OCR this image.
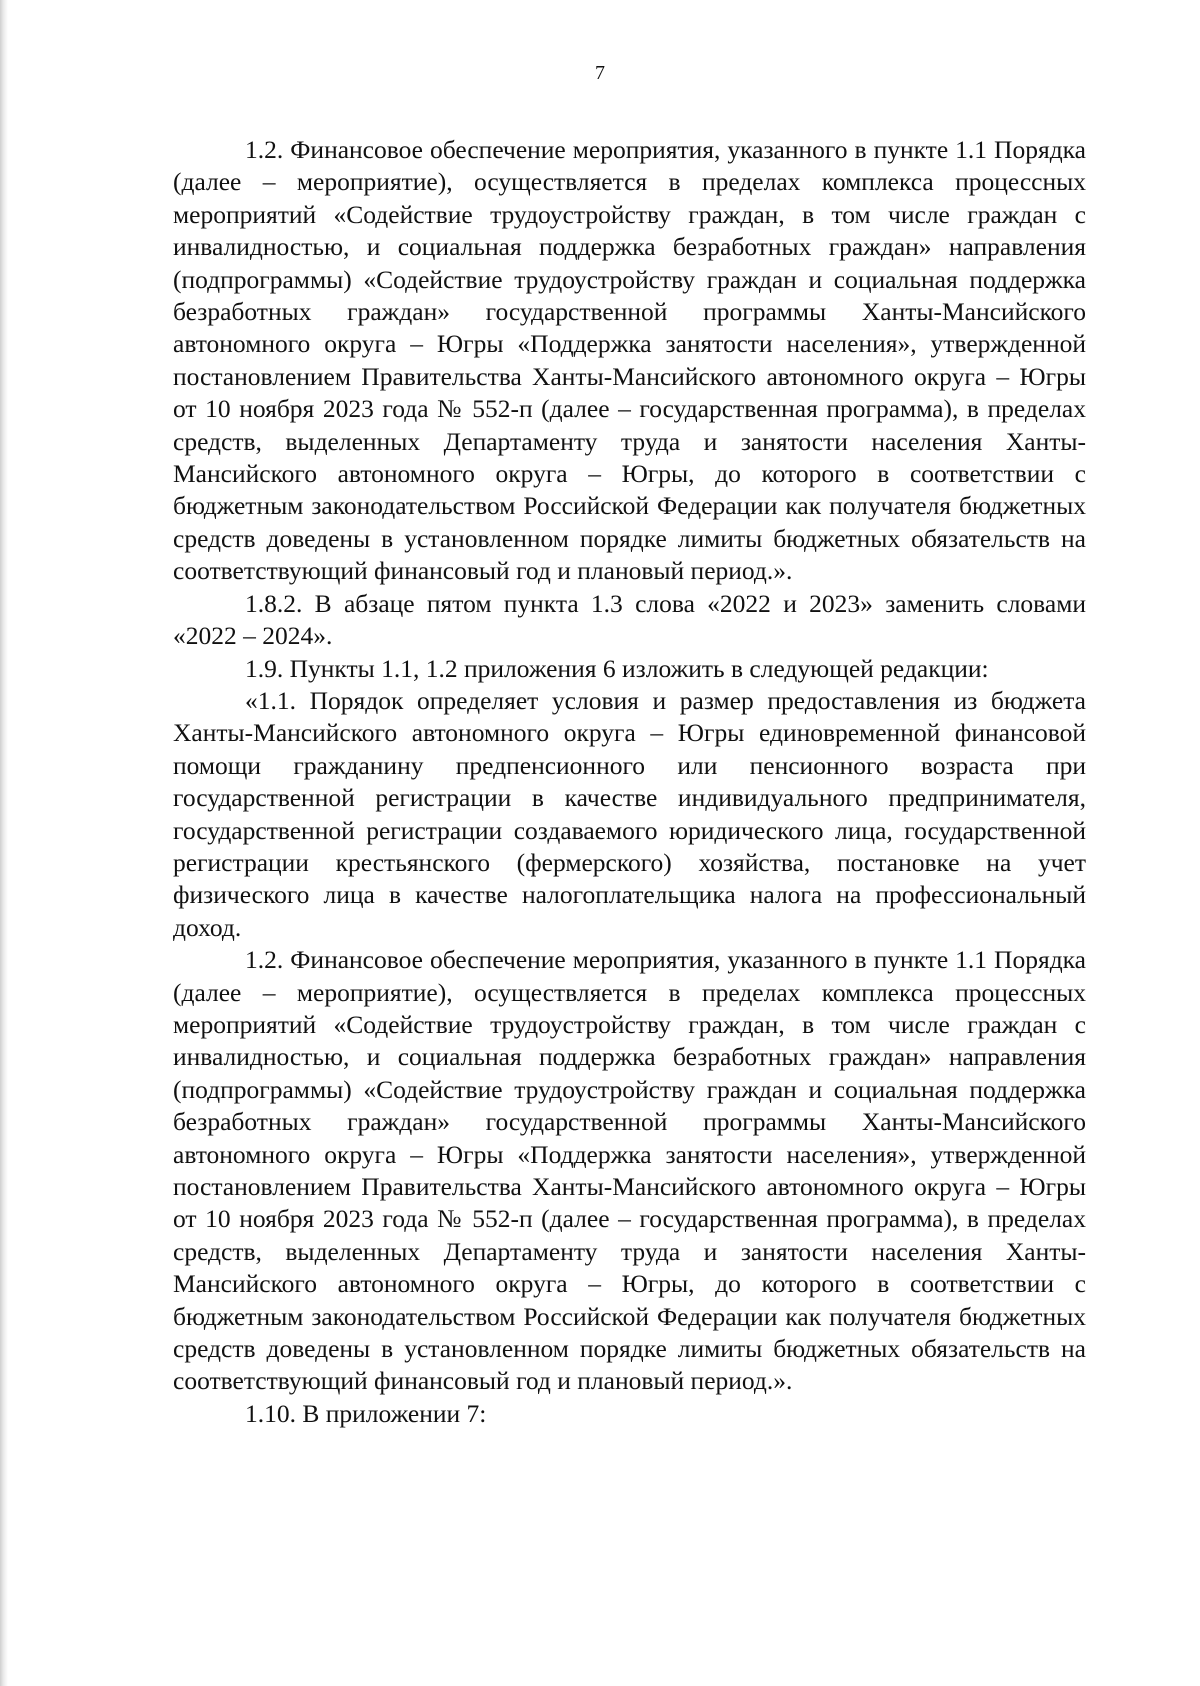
7

1.2. Финансовое обеспечение мероприятия, указанного в пункте 1.1 Порядка (далее – мероприятие), осуществляется в пределах комплекса процессных мероприятий «Содействие трудоустройству граждан, в том числе граждан с инвалидностью, и социальная поддержка безработных граждан» направления (подпрограммы) «Содействие трудоустройству граждан и социальная поддержка безработных граждан» государственной программы Ханты-Мансийского автономного округа – Югры «Поддержка занятости населения», утвержденной постановлением Правительства Ханты-Мансийского автономного округа – Югры от 10 ноября 2023 года № 552-п (далее – государственная программа), в пределах средств, выделенных Департаменту труда и занятости населения Ханты-Мансийского автономного округа – Югры, до которого в соответствии с бюджетным законодательством Российской Федерации как получателя бюджетных средств доведены в установленном порядке лимиты бюджетных обязательств на соответствующий финансовый год и плановый период.».

1.8.2. В абзаце пятом пункта 1.3 слова «2022 и 2023» заменить словами «2022 – 2024».

1.9. Пункты 1.1, 1.2 приложения 6 изложить в следующей редакции:

«1.1. Порядок определяет условия и размер предоставления из бюджета Ханты-Мансийского автономного округа – Югры единовременной финансовой помощи гражданину предпенсионного или пенсионного возраста при государственной регистрации в качестве индивидуального предпринимателя, государственной регистрации создаваемого юридического лица, государственной регистрации крестьянского (фермерского) хозяйства, постановке на учет физического лица в качестве налогоплательщика налога на профессиональный доход.

1.2. Финансовое обеспечение мероприятия, указанного в пункте 1.1 Порядка (далее – мероприятие), осуществляется в пределах комплекса процессных мероприятий «Содействие трудоустройству граждан, в том числе граждан с инвалидностью, и социальная поддержка безработных граждан» направления (подпрограммы) «Содействие трудоустройству граждан и социальная поддержка безработных граждан» государственной программы Ханты-Мансийского автономного округа – Югры «Поддержка занятости населения», утвержденной постановлением Правительства Ханты-Мансийского автономного округа – Югры от 10 ноября 2023 года № 552-п (далее – государственная программа), в пределах средств, выделенных Департаменту труда и занятости населения Ханты-Мансийского автономного округа – Югры, до которого в соответствии с бюджетным законодательством Российской Федерации как получателя бюджетных средств доведены в установленном порядке лимиты бюджетных обязательств на соответствующий финансовый год и плановый период.».

1.10. В приложении 7:
